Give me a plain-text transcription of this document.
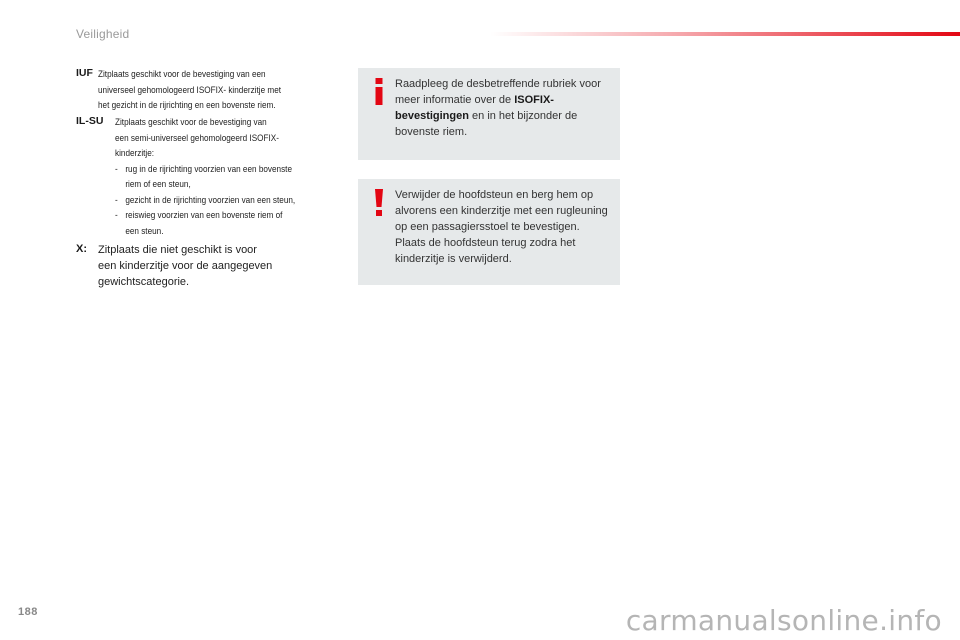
Veiligheid
IUF Zitplaats geschikt voor de bevestiging van een
universeel gehomologeerd ISOFIX- kinderzitje met
het gezicht in de rijrichting en een bovenste riem.
IL-SU Zitplaats geschikt voor de bevestiging van
een semi-universeel gehomologeerd ISOFIX-
kinderzitje:
- rug in de rijrichting voorzien van een bovenste
riem of een steun,
- gezicht in de rijrichting voorzien van een steun,
- reiswieg voorzien van een bovenste riem of
een steun.
X: Zitplaats die niet geschikt is voor
een kinderzitje voor de aangegeven
gewichtscategorie.
Raadpleeg de desbetreffende rubriek voor meer informatie over de ISOFIX-bevestigingen en in het bijzonder de bovenste riem.
Verwijder de hoofdsteun en berg hem op alvorens een kinderzitje met een rugleuning op een passagiersstoel te bevestigen.
Plaats de hoofdsteun terug zodra het kinderzitje is verwijderd.
188	carmanualsonline.info
